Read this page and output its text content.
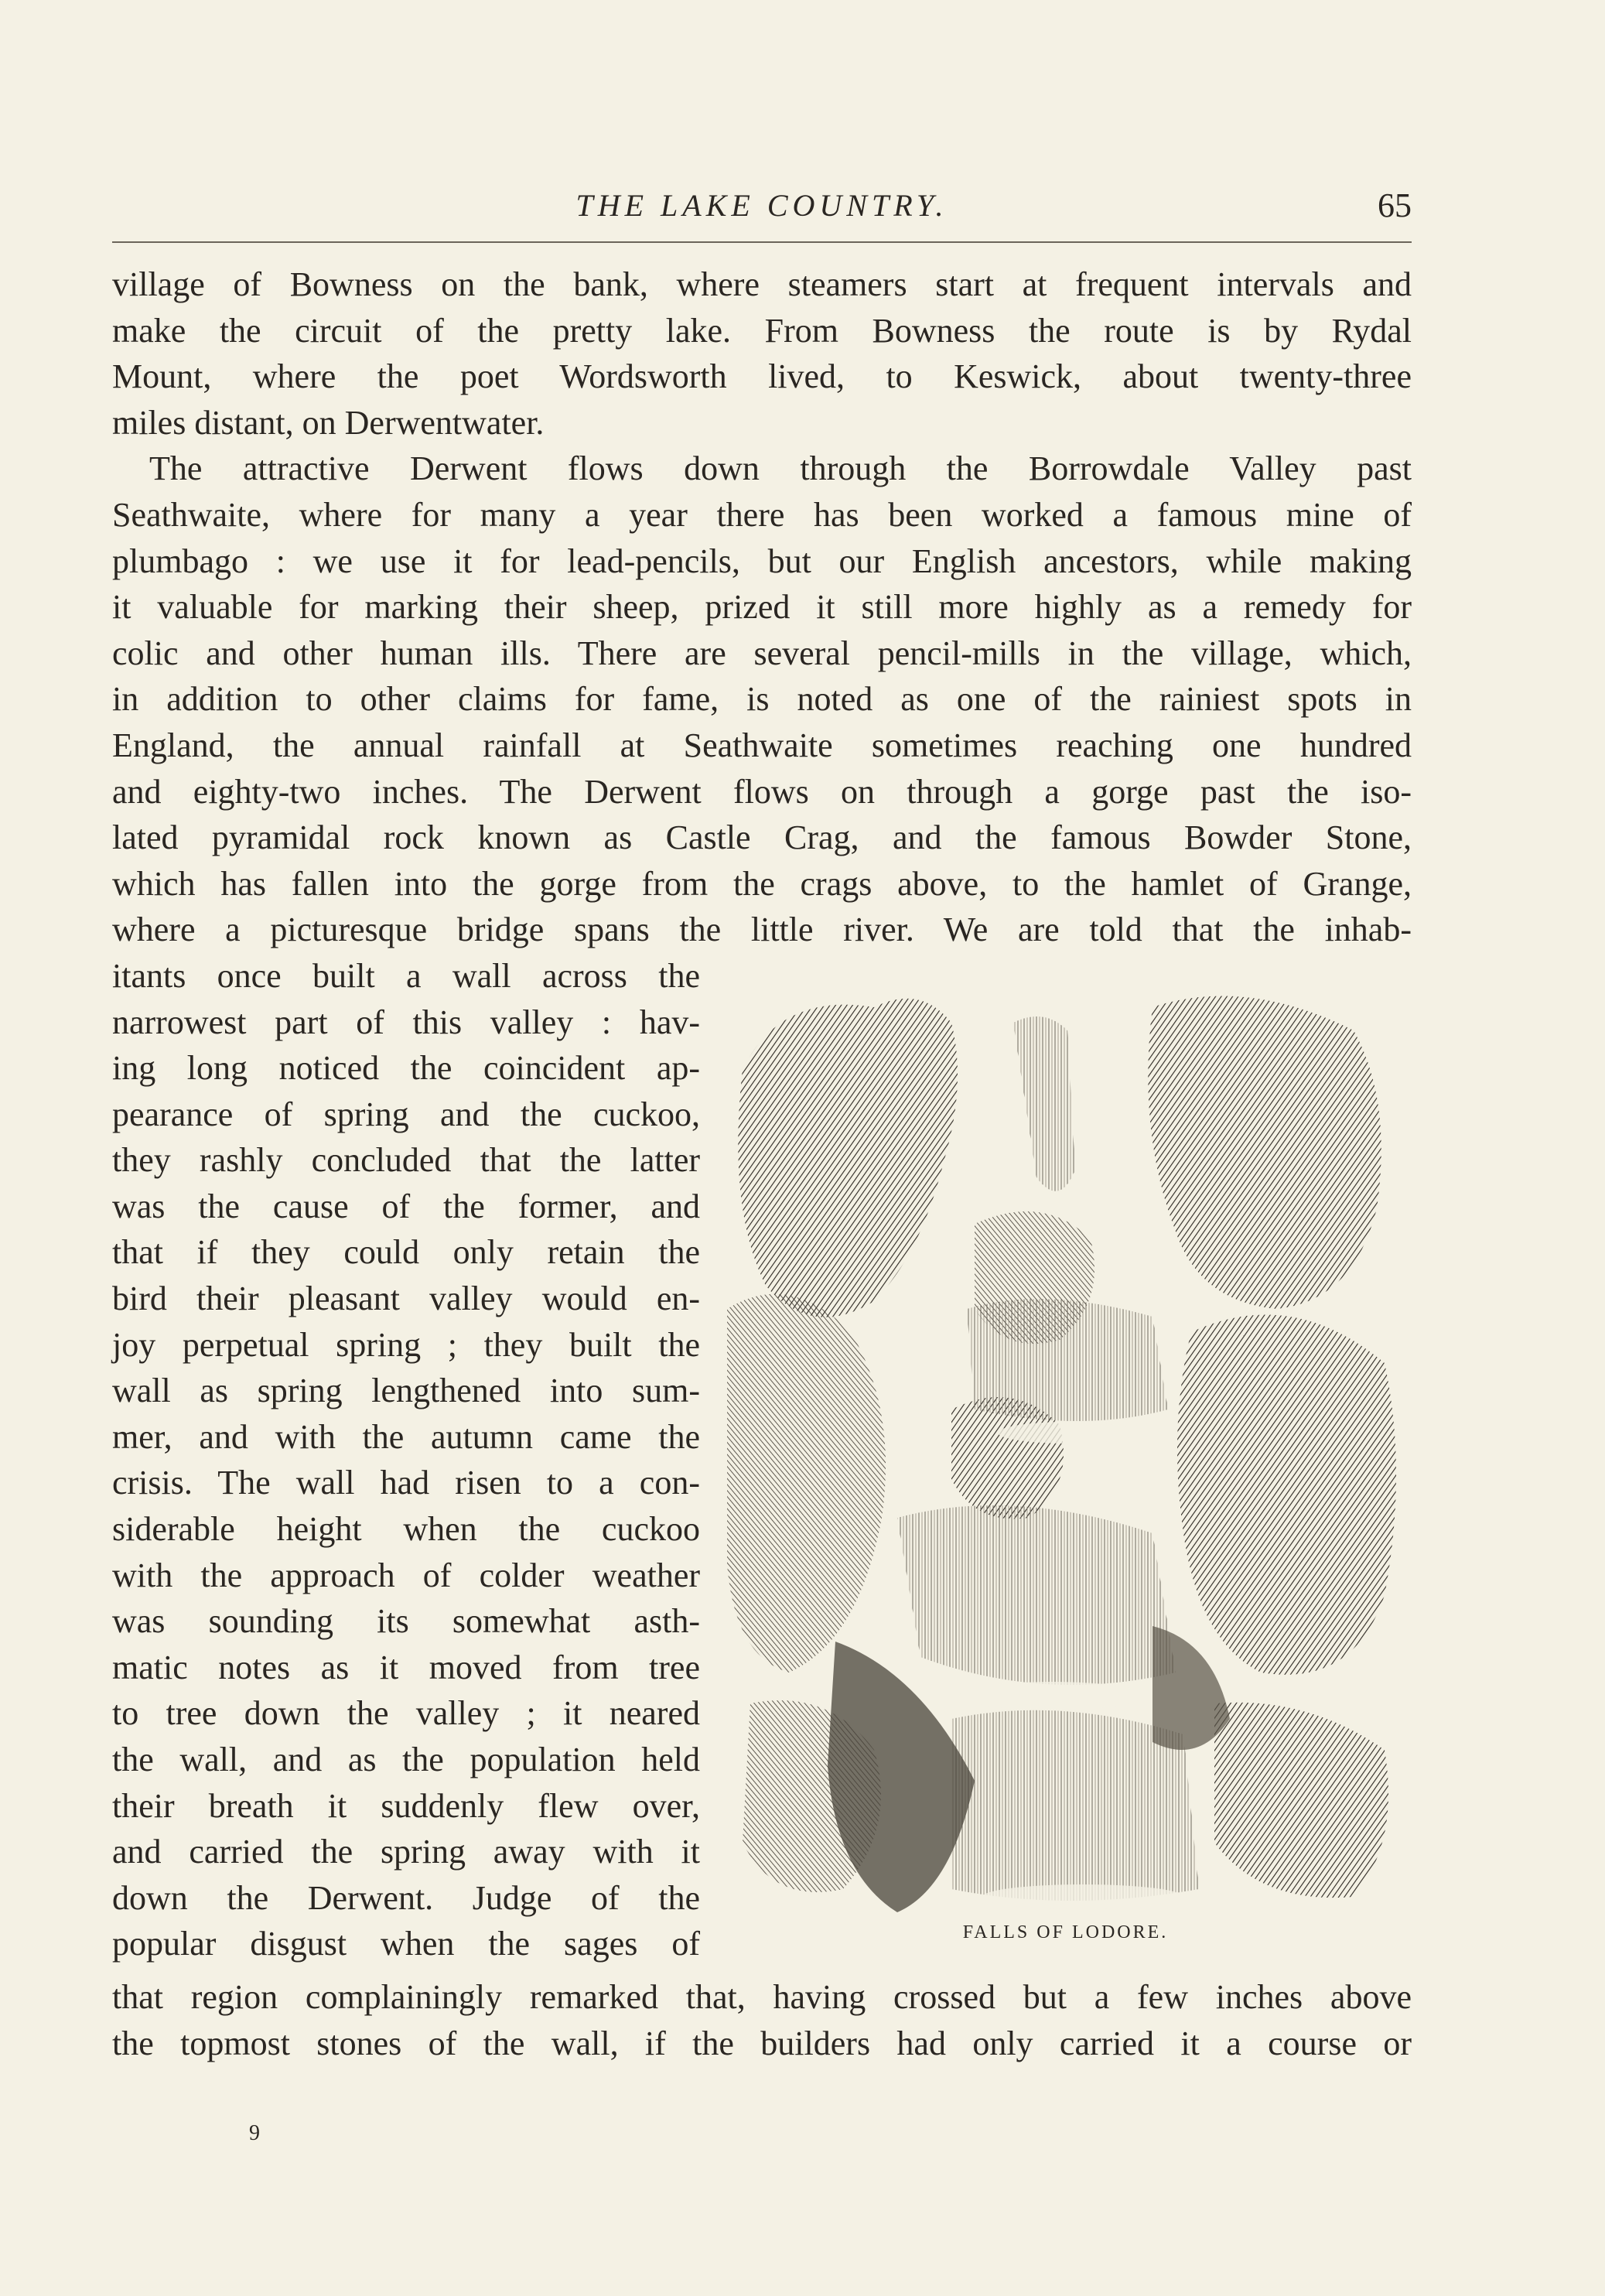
THE LAKE COUNTRY.	65
village of Bowness on the bank, where steamers start at frequent intervals and
make the circuit of the pretty lake. From Bowness the route is by Rydal
Mount, where the poet Wordsworth lived, to Keswick, about twenty-three
miles distant, on Derwentwater.
The attractive Derwent flows down through the Borrowdale Valley past
Seathwaite, where for many a year there has been worked a famous mine of
plumbago : we use it for lead-pencils, but our English ancestors, while making
it valuable for marking their sheep, prized it still more highly as a remedy for
colic and other human ills. There are several pencil-mills in the village, which,
in addition to other claims for fame, is noted as one of the rainiest spots in
England, the annual rainfall at Seathwaite sometimes reaching one hundred
and eighty-two inches. The Derwent flows on through a gorge past the iso-
lated pyramidal rock known as Castle Crag, and the famous Bowder Stone,
which has fallen into the gorge from the crags above, to the hamlet of Grange,
where a picturesque bridge spans the little river. We are told that the inhab-
itants once built a wall across the
narrowest part of this valley : hav-
ing long noticed the coincident ap-
pearance of spring and the cuckoo,
they rashly concluded that the latter
was the cause of the former, and
that if they could only retain the
bird their pleasant valley would en-
joy perpetual spring ; they built the
wall as spring lengthened into sum-
mer, and with the autumn came the
crisis. The wall had risen to a con-
siderable height when the cuckoo
with the approach of colder weather
was sounding its somewhat asth-
matic notes as it moved from tree
to tree down the valley ; it neared
the wall, and as the population held
their breath it suddenly flew over,
and carried the spring away with it
down the Derwent. Judge of the
popular disgust when the sages of
that region complainingly remarked that, having crossed but a few inches above
the topmost stones of the wall, if the builders had only carried it a course or
FALLS OF LODORE.
9
